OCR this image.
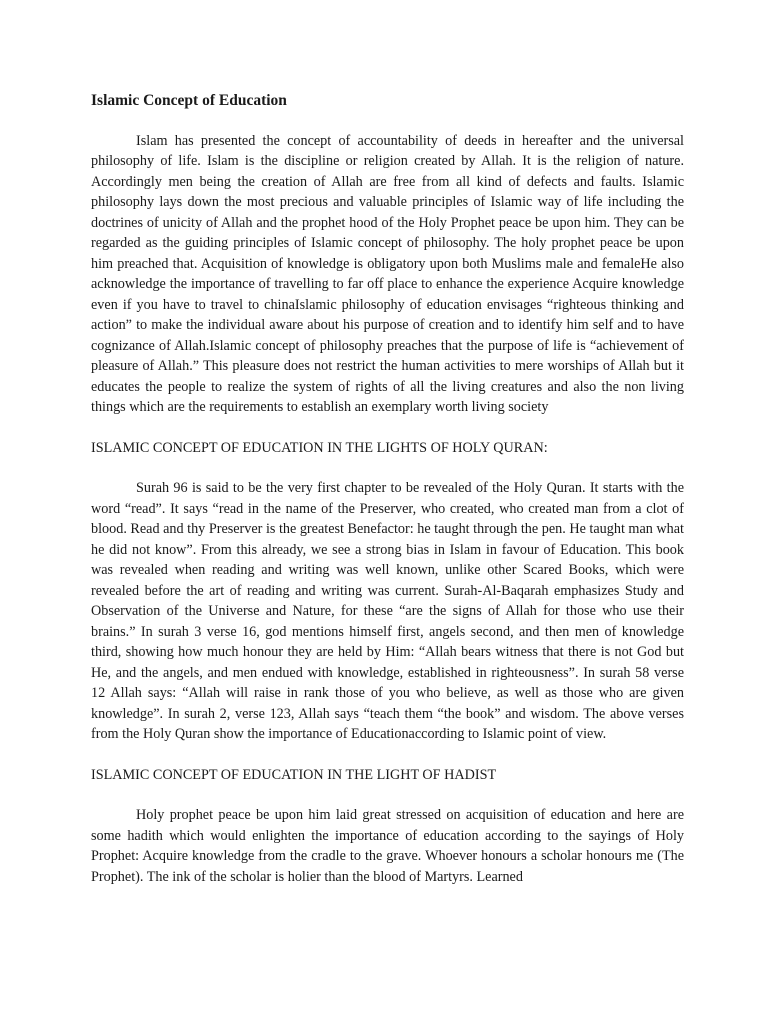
Islamic Concept of Education

Islam has presented the concept of accountability of deeds in hereafter and the universal philosophy of life. Islam is the discipline or religion created by Allah. It is the religion of nature. Accordingly men being the creation of Allah are free from all kind of defects and faults. Islamic philosophy lays down the most precious and valuable principles of Islamic way of life including the doctrines of unicity of Allah and the prophet hood of the Holy Prophet peace be upon him. They can be regarded as the guiding principles of Islamic concept of philosophy. The holy prophet peace be upon him preached that. Acquisition of knowledge is obligatory upon both Muslims male and femaleHe also acknowledge the importance of travelling to far off place to enhance the experience Acquire knowledge even if you have to travel to chinaIslamic philosophy of education envisages “righteous thinking and action” to make the individual aware about his purpose of creation and to identify him self and to have cognizance of Allah.Islamic concept of philosophy preaches that the purpose of life is “achievement of pleasure of Allah.” This pleasure does not restrict the human activities to mere worships of Allah but it educates the people to realize the system of rights of all the living creatures and also the non living things which are the requirements to establish an exemplary worth living society

ISLAMIC CONCEPT OF EDUCATION IN THE LIGHTS OF HOLY QURAN:

Surah 96 is said to be the very first chapter to be revealed of the Holy Quran. It starts with the word “read”. It says “read in the name of the Preserver, who created, who created man from a clot of blood. Read and thy Preserver is the greatest Benefactor: he taught through the pen. He taught man what he did not know”. From this already, we see a strong bias in Islam in favour of Education. This book was revealed when reading and writing was well known, unlike other Scared Books, which were revealed before the art of reading and writing was current. Surah-Al-Baqarah emphasizes Study and Observation of the Universe and Nature, for these “are the signs of Allah for those who use their brains.” In surah 3 verse 16, god mentions himself first, angels second, and then men of knowledge third, showing how much honour they are held by Him: “Allah bears witness that there is not God but He, and the angels, and men endued with knowledge, established in righteousness”. In surah 58 verse 12 Allah says: “Allah will raise in rank those of you who believe, as well as those who are given knowledge”. In surah 2, verse 123, Allah says “teach them “the book” and wisdom. The above verses from the Holy Quran show the importance of Educationaccording to Islamic point of view.

ISLAMIC CONCEPT OF EDUCATION IN THE LIGHT OF HADIST

Holy prophet peace be upon him laid great stressed on acquisition of education and here are some hadith which would enlighten the importance of education according to the sayings of Holy Prophet: Acquire knowledge from the cradle to the grave. Whoever honours a scholar honours me (The Prophet). The ink of the scholar is holier than the blood of Martyrs. Learned
